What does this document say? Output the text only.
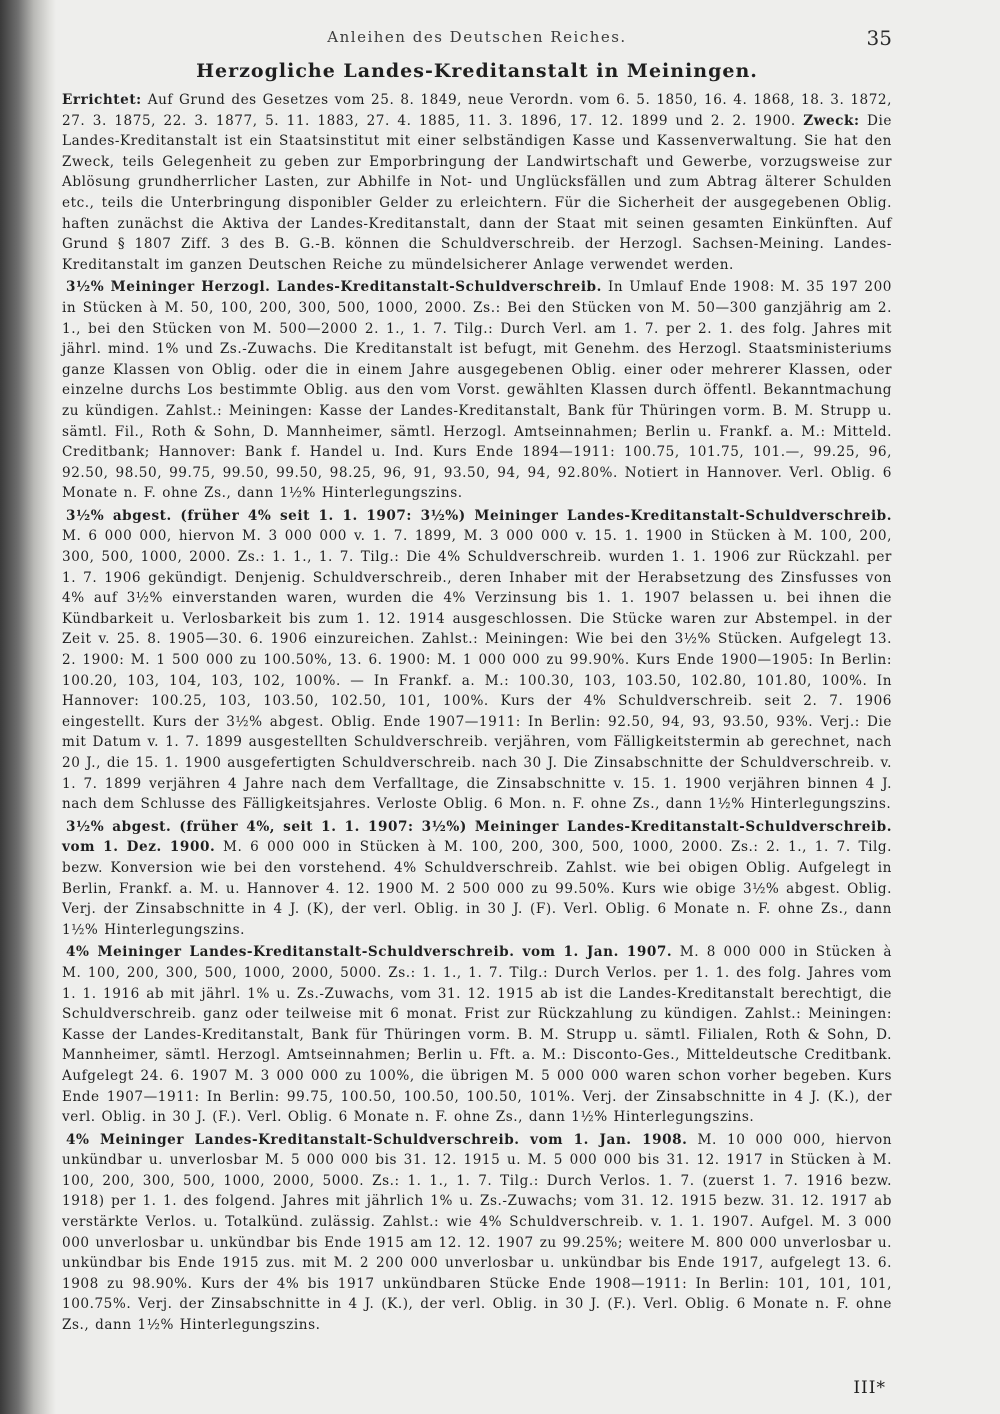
Anleihen des Deutschen Reiches.	35
Herzogliche Landes-Kreditanstalt in Meiningen.

Errichtet: Auf Grund des Gesetzes vom 25. 8. 1849, neue Verordn. vom 6. 5. 1850, 16. 4. 1868, 18. 3. 1872, 27. 3. 1875, 22. 3. 1877, 5. 11. 1883, 27. 4. 1885, 11. 3. 1896, 17. 12. 1899 und 2. 2. 1900. Zweck: Die Landes-Kreditanstalt ist ein Staatsinstitut mit einer selbständigen Kasse und Kassenverwaltung. Sie hat den Zweck, teils Gelegenheit zu geben zur Emporbringung der Landwirtschaft und Gewerbe, vorzugsweise zur Ablösung grundherrlicher Lasten, zur Abhilfe in Not- und Unglücksfällen und zum Abtrag älterer Schulden etc., teils die Unterbringung disponibler Gelder zu erleichtern. Für die Sicherheit der ausgegebenen Oblig. haften zunächst die Aktiva der Landes-Kreditanstalt, dann der Staat mit seinen gesamten Einkünften. Auf Grund § 1807 Ziff. 3 des B. G.-B. können die Schuldverschreib. der Herzogl. Sachsen-Meining. Landes-Kreditanstalt im ganzen Deutschen Reiche zu mündelsicherer Anlage verwendet werden.

3½% Meininger Herzogl. Landes-Kreditanstalt-Schuldverschreib. In Umlauf Ende 1908: M. 35 197 200 in Stücken à M. 50, 100, 200, 300, 500, 1000, 2000. Zs.: Bei den Stücken von M. 50—300 ganzjährig am 2. 1., bei den Stücken von M. 500—2000 2. 1., 1. 7. Tilg.: Durch Verl. am 1. 7. per 2. 1. des folg. Jahres mit jährl. mind. 1% und Zs.-Zuwachs. Die Kreditanstalt ist befugt, mit Genehm. des Herzogl. Staatsministeriums ganze Klassen von Oblig. oder die in einem Jahre ausgegebenen Oblig. einer oder mehrerer Klassen, oder einzelne durchs Los bestimmte Oblig. aus den vom Vorst. gewählten Klassen durch öffentl. Bekanntmachung zu kündigen. Zahlst.: Meiningen: Kasse der Landes-Kreditanstalt, Bank für Thüringen vorm. B. M. Strupp u. sämtl. Fil., Roth & Sohn, D. Mannheimer, sämtl. Herzogl. Amtseinnahmen; Berlin u. Frankf. a. M.: Mitteld. Creditbank; Hannover: Bank f. Handel u. Ind. Kurs Ende 1894—1911: 100.75, 101.75, 101.—, 99.25, 96, 92.50, 98.50, 99.75, 99.50, 99.50, 98.25, 96, 91, 93.50, 94, 94, 92.80%. Notiert in Hannover. Verl. Oblig. 6 Monate n. F. ohne Zs., dann 1½% Hinterlegungszins.

3½% abgest. (früher 4% seit 1. 1. 1907: 3½%) Meininger Landes-Kreditanstalt-Schuldverschreib. M. 6 000 000, hiervon M. 3 000 000 v. 1. 7. 1899, M. 3 000 000 v. 15. 1. 1900 in Stücken à M. 100, 200, 300, 500, 1000, 2000. Zs.: 1. 1., 1. 7. Tilg.: Die 4% Schuldverschreib. wurden 1. 1. 1906 zur Rückzahl. per 1. 7. 1906 gekündigt. Denjenig. Schuldverschreib., deren Inhaber mit der Herabsetzung des Zinsfusses von 4% auf 3½% einverstanden waren, wurden die 4% Verzinsung bis 1. 1. 1907 belassen u. bei ihnen die Kündbarkeit u. Verlosbarkeit bis zum 1. 12. 1914 ausgeschlossen. Die Stücke waren zur Abstempel. in der Zeit v. 25. 8. 1905—30. 6. 1906 einzureichen. Zahlst.: Meiningen: Wie bei den 3½% Stücken. Aufgelegt 13. 2. 1900: M. 1 500 000 zu 100.50%, 13. 6. 1900: M. 1 000 000 zu 99.90%. Kurs Ende 1900—1905: In Berlin: 100.20, 103, 104, 103, 102, 100%. — In Frankf. a. M.: 100.30, 103, 103.50, 102.80, 101.80, 100%. In Hannover: 100.25, 103, 103.50, 102.50, 101, 100%. Kurs der 4% Schuldverschreib. seit 2. 7. 1906 eingestellt. Kurs der 3½% abgest. Oblig. Ende 1907—1911: In Berlin: 92.50, 94, 93, 93.50, 93%. Verj.: Die mit Datum v. 1. 7. 1899 ausgestellten Schuldverschreib. verjähren, vom Fälligkeitstermin ab gerechnet, nach 20 J., die 15. 1. 1900 ausgefertigten Schuldverschreib. nach 30 J. Die Zinsabschnitte der Schuldverschreib. v. 1. 7. 1899 verjähren 4 Jahre nach dem Verfalltage, die Zinsabschnitte v. 15. 1. 1900 verjähren binnen 4 J. nach dem Schlusse des Fälligkeitsjahres. Verloste Oblig. 6 Mon. n. F. ohne Zs., dann 1½% Hinterlegungszins.

3½% abgest. (früher 4%, seit 1. 1. 1907: 3½%) Meininger Landes-Kreditanstalt-Schuldverschreib. vom 1. Dez. 1900. M. 6 000 000 in Stücken à M. 100, 200, 300, 500, 1000, 2000. Zs.: 2. 1., 1. 7. Tilg. bezw. Konversion wie bei den vorstehend. 4% Schuldverschreib. Zahlst. wie bei obigen Oblig. Aufgelegt in Berlin, Frankf. a. M. u. Hannover 4. 12. 1900 M. 2 500 000 zu 99.50%. Kurs wie obige 3½% abgest. Oblig. Verj. der Zinsabschnitte in 4 J. (K), der verl. Oblig. in 30 J. (F). Verl. Oblig. 6 Monate n. F. ohne Zs., dann 1½% Hinterlegungszins.

4% Meininger Landes-Kreditanstalt-Schuldverschreib. vom 1. Jan. 1907. M. 8 000 000 in Stücken à M. 100, 200, 300, 500, 1000, 2000, 5000. Zs.: 1. 1., 1. 7. Tilg.: Durch Verlos. per 1. 1. des folg. Jahres vom 1. 1. 1916 ab mit jährl. 1% u. Zs.-Zuwachs, vom 31. 12. 1915 ab ist die Landes-Kreditanstalt berechtigt, die Schuldverschreib. ganz oder teilweise mit 6 monat. Frist zur Rückzahlung zu kündigen. Zahlst.: Meiningen: Kasse der Landes-Kreditanstalt, Bank für Thüringen vorm. B. M. Strupp u. sämtl. Filialen, Roth & Sohn, D. Mannheimer, sämtl. Herzogl. Amtseinnahmen; Berlin u. Fft. a. M.: Disconto-Ges., Mitteldeutsche Creditbank. Aufgelegt 24. 6. 1907 M. 3 000 000 zu 100%, die übrigen M. 5 000 000 waren schon vorher begeben. Kurs Ende 1907—1911: In Berlin: 99.75, 100.50, 100.50, 100.50, 101%. Verj. der Zinsabschnitte in 4 J. (K.), der verl. Oblig. in 30 J. (F.). Verl. Oblig. 6 Monate n. F. ohne Zs., dann 1½% Hinterlegungszins.

4% Meininger Landes-Kreditanstalt-Schuldverschreib. vom 1. Jan. 1908. M. 10 000 000, hiervon unkündbar u. unverlosbar M. 5 000 000 bis 31. 12. 1915 u. M. 5 000 000 bis 31. 12. 1917 in Stücken à M. 100, 200, 300, 500, 1000, 2000, 5000. Zs.: 1. 1., 1. 7. Tilg.: Durch Verlos. 1. 7. (zuerst 1. 7. 1916 bezw. 1918) per 1. 1. des folgend. Jahres mit jährlich 1% u. Zs.-Zuwachs; vom 31. 12. 1915 bezw. 31. 12. 1917 ab verstärkte Verlos. u. Totalkünd. zulässig. Zahlst.: wie 4% Schuldverschreib. v. 1. 1. 1907. Aufgel. M. 3 000 000 unverlosbar u. unkündbar bis Ende 1915 am 12. 12. 1907 zu 99.25%; weitere M. 800 000 unverlosbar u. unkündbar bis Ende 1915 zus. mit M. 2 200 000 unverlosbar u. unkündbar bis Ende 1917, aufgelegt 13. 6. 1908 zu 98.90%. Kurs der 4% bis 1917 unkündbaren Stücke Ende 1908—1911: In Berlin: 101, 101, 101, 100.75%. Verj. der Zinsabschnitte in 4 J. (K.), der verl. Oblig. in 30 J. (F.). Verl. Oblig. 6 Monate n. F. ohne Zs., dann 1½% Hinterlegungszins.

III*
